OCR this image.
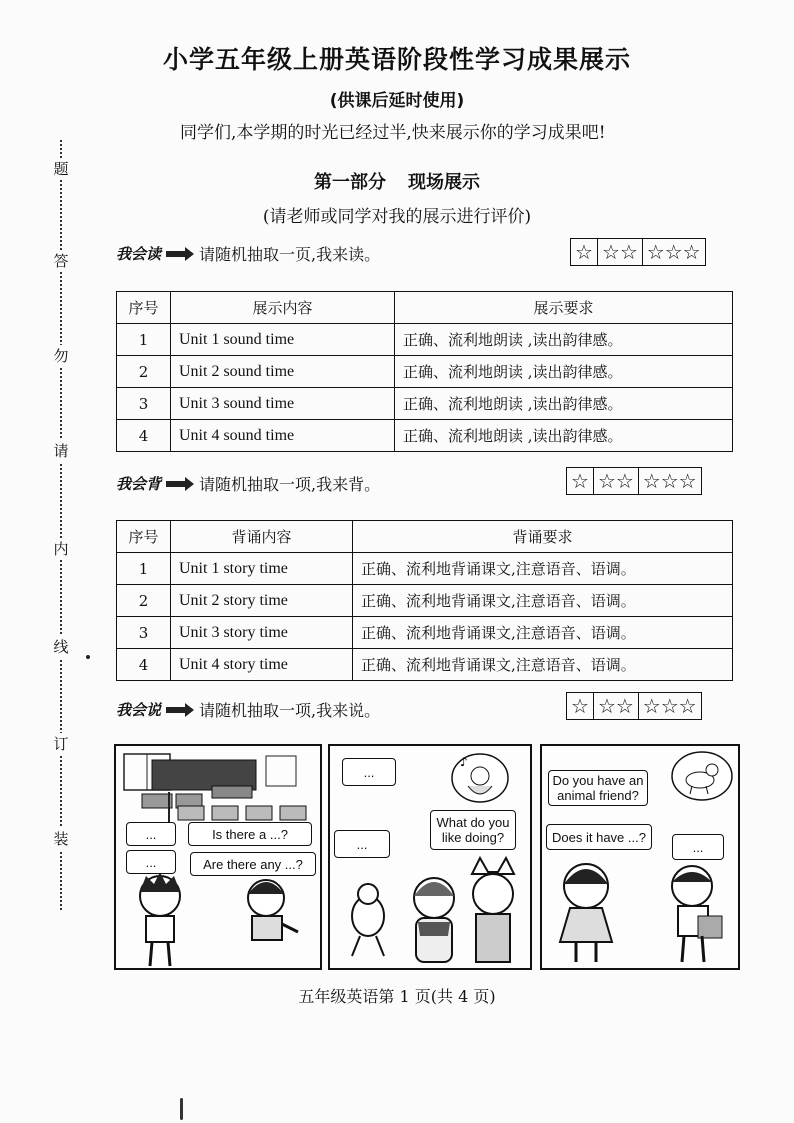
题
答
勿
请
内
线
订
装
小学五年级上册英语阶段性学习成果展示
(供课后延时使用)
同学们,本学期的时光已经过半,快来展示你的学习成果吧!
第一部分 现场展示
(请老师或同学对我的展示进行评价)
我会读 请随机抽取一页,我来读。	☆ ☆☆ ☆☆☆
序号	展示内容	展示要求
1	Unit 1 sound time	正确、流利地朗读 ,读出韵律感。
2	Unit 2 sound time	正确、流利地朗读 ,读出韵律感。
3	Unit 3 sound time	正确、流利地朗读 ,读出韵律感。
4	Unit 4 sound time	正确、流利地朗读 ,读出韵律感。
我会背 请随机抽取一项,我来背。	☆ ☆☆ ☆☆☆
序号	背诵内容	背诵要求
1	Unit 1 story time	正确、流利地背诵课文,注意语音、语调。
2	Unit 2 story time	正确、流利地背诵课文,注意语音、语调。
3	Unit 3 story time	正确、流利地背诵课文,注意语音、语调。
4	Unit 4 story time	正确、流利地背诵课文,注意语音、语调。
我会说 请随机抽取一项,我来说。	☆ ☆☆ ☆☆☆
...	Is there a ...?
...	Are there any ...?
♪
...
...
What do you like doing?
Do you have an animal friend?
Does it have ...?
...
五年级英语第 1 页(共 4 页)
